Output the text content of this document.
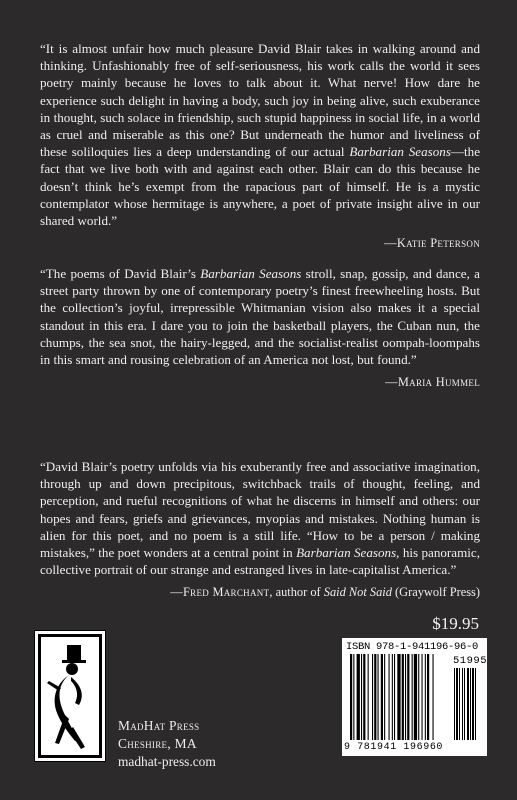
“It is almost unfair how much pleasure David Blair takes in walking around and thinking. Unfashionably free of self-seriousness, his work calls the world it sees poetry mainly because he loves to talk about it. What nerve! How dare he experience such delight in having a body, such joy in being alive, such exuberance in thought, such solace in friendship, such stupid happiness in social life, in a world as cruel and miserable as this one? But underneath the humor and liveliness of these soliloquies lies a deep understanding of our actual Barbarian Seasons—the fact that we live both with and against each other. Blair can do this because he doesn’t think he’s exempt from the rapacious part of himself. He is a mystic contemplator whose hermitage is anywhere, a poet of private insight alive in our shared world.”

—Katie Peterson

“The poems of David Blair’s Barbarian Seasons stroll, snap, gossip, and dance, a street party thrown by one of contemporary poetry’s finest freewheeling hosts. But the collection’s joyful, irrepressible Whitmanian vision also makes it a special standout in this era. I dare you to join the basketball players, the Cuban nun, the chumps, the sea snot, the hairy-legged, and the socialist-realist oompah-loompahs in this smart and rousing celebration of an America not lost, but found.”

—Maria Hummel

“David Blair’s poetry unfolds via his exuberantly free and associative imagination, through up and down precipitous, switchback trails of thought, feeling, and perception, and rueful recognitions of what he discerns in himself and others: our hopes and fears, griefs and grievances, myopias and mistakes. Nothing human is alien for this poet, and no poem is a still life. “How to be a person / making mistakes,” the poet wonders at a central point in Barbarian Seasons, his panoramic, collective portrait of our strange and estranged lives in late-capitalist America.”

—Fred Marchant, author of Said Not Said (Graywolf Press)
$19.95
ISBN 978-1-941196-96-0
51995
9 781941 196960
MadHat Press
Cheshire, MA
madhat-press.com
